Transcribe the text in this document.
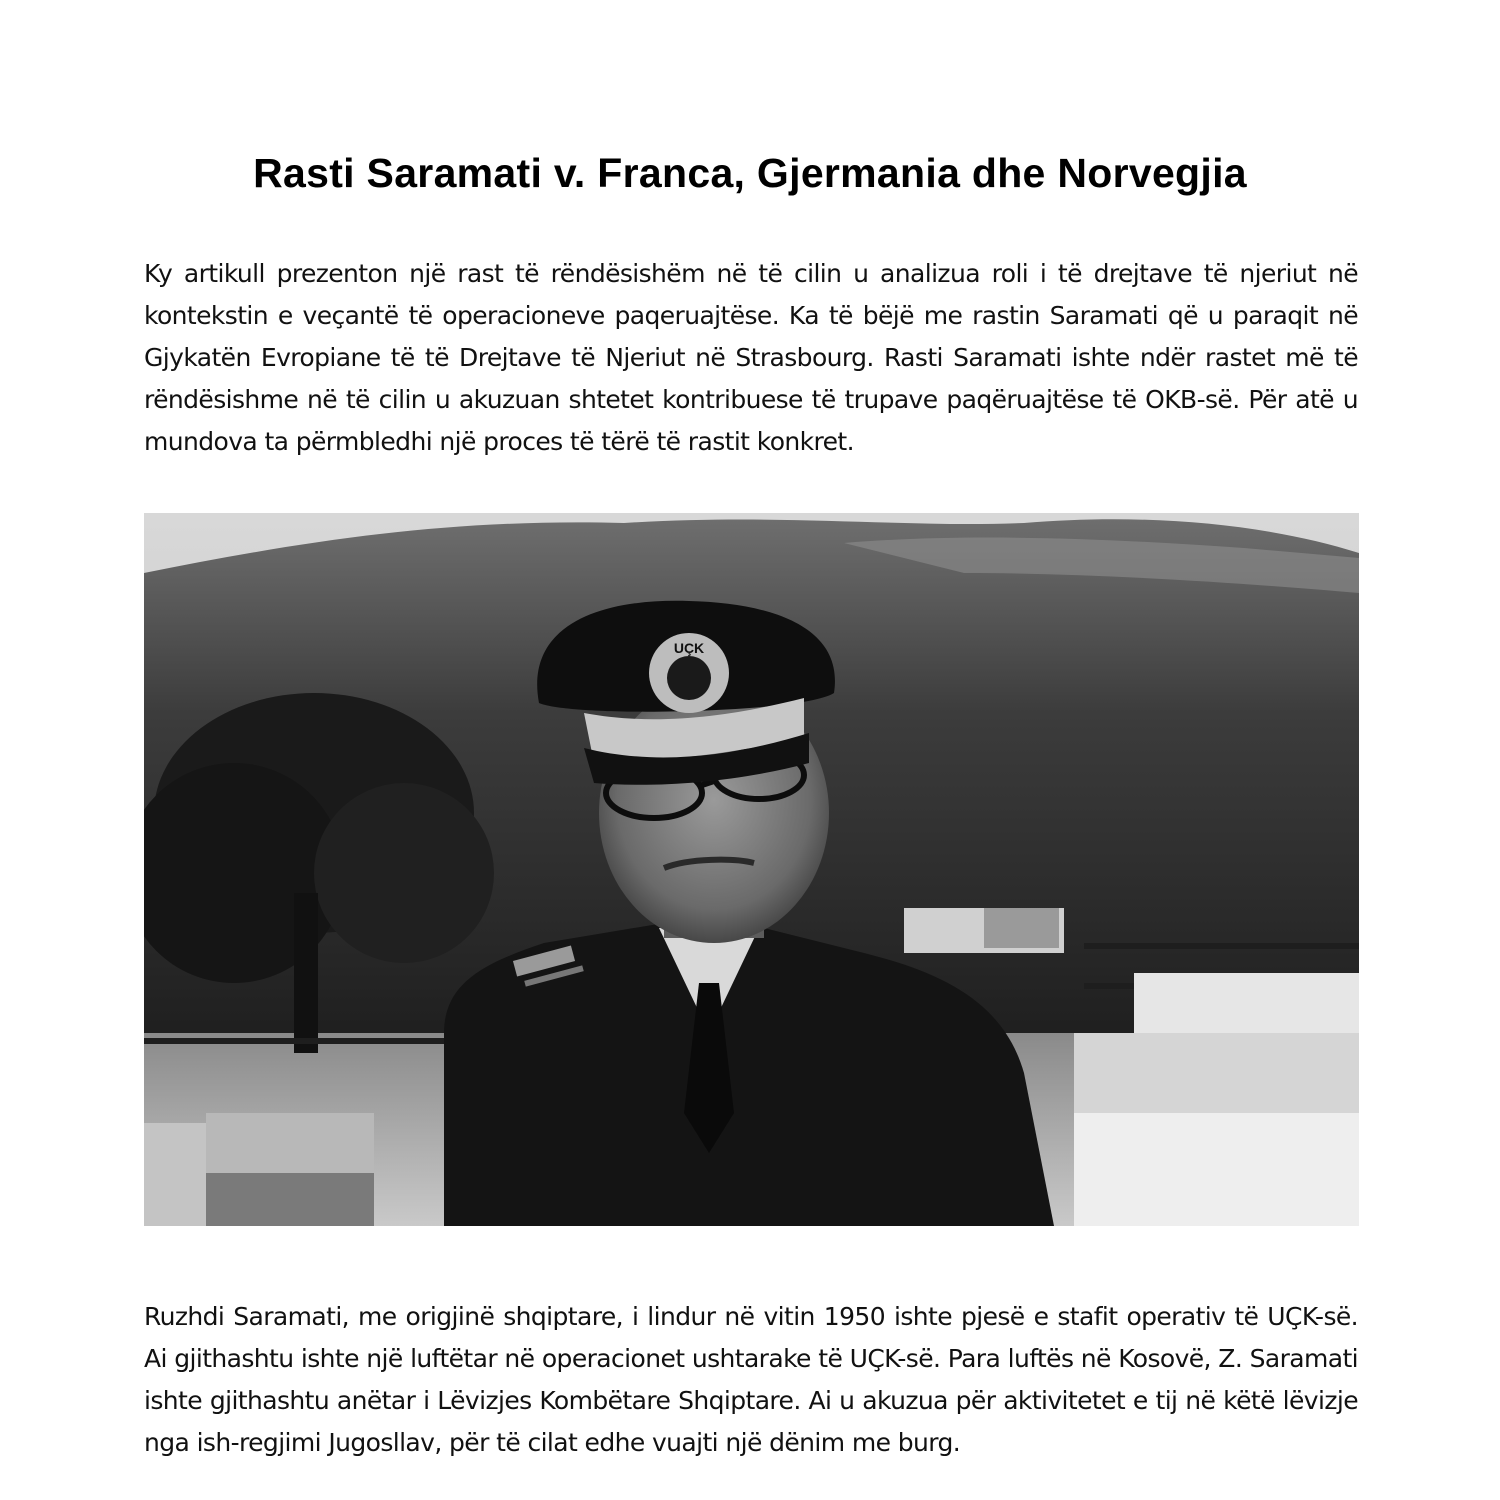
Rasti Saramati v. Franca, Gjermania dhe Norvegjia

Ky artikull prezenton një rast të rëndësishëm në të cilin u analizua roli i të drejtave të njeriut në kontekstin e veçantë të operacioneve paqeruajtëse. Ka të bëjë me rastin Saramati që u paraqit në Gjykatën Evropiane të të Drejtave të Njeriut në Strasbourg. Rasti Saramati ishte ndër rastet më të rëndësishme në të cilin u akuzuan shtetet kontribuese të trupave paqëruajtëse të OKB-së. Për atë u mundova ta përmbledhi një proces të tërë të rastit konkret.

UÇK

Ruzhdi Saramati, me origjinë shqiptare, i lindur në vitin 1950 ishte pjesë e stafit operativ të UÇK-së. Ai gjithashtu ishte një luftëtar në operacionet ushtarake të UÇK-së. Para luftës në Kosovë, Z. Saramati ishte gjithashtu anëtar i Lëvizjes Kombëtare Shqiptare. Ai u akuzua për aktivitetet e tij në këtë lëvizje nga ish-regjimi Jugosllav, për të cilat edhe vuajti një dënim me burg.
